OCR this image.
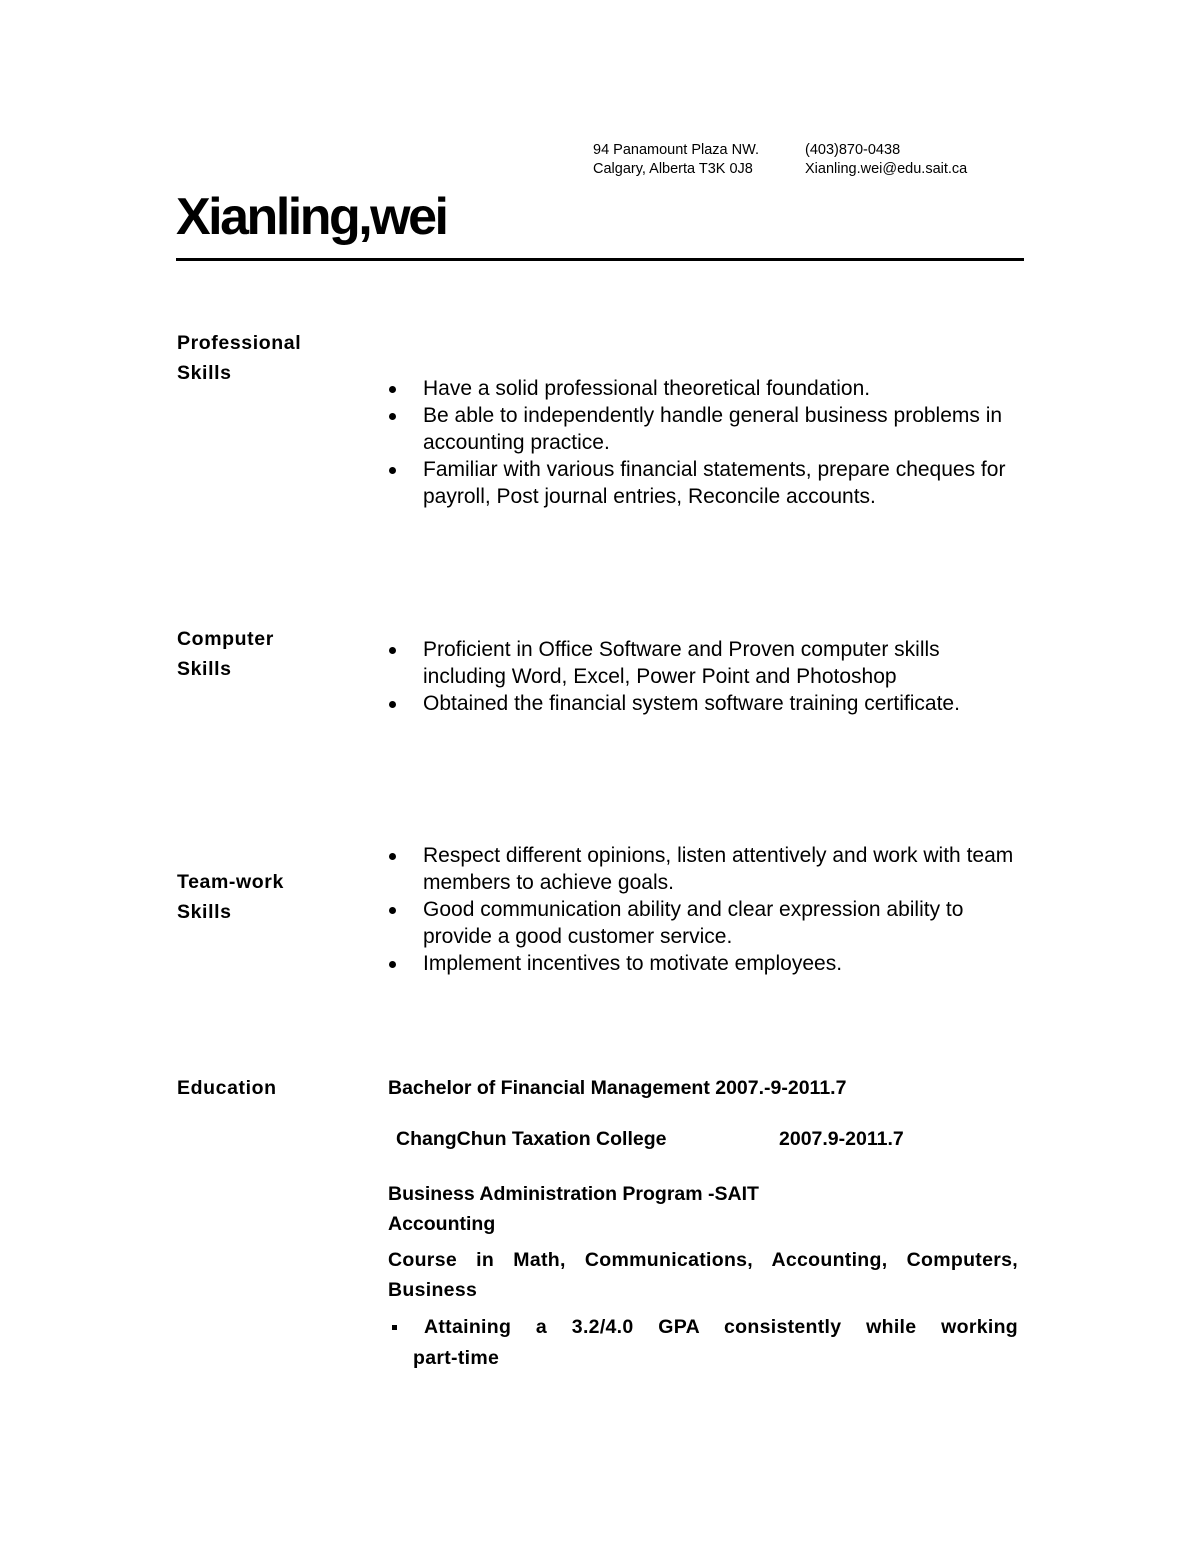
94 Panamount Plaza NW.
Calgary, Alberta T3K 0J8
(403)870-0438
Xianling.wei@edu.sait.ca
Xianling,wei
Professional
Skills
Have a solid professional theoretical foundation.
Be able to independently handle general business problems in accounting practice.
Familiar with various financial statements, prepare cheques for payroll, Post journal entries, Reconcile accounts.
Computer
Skills
Proficient in Office Software and Proven computer skills including Word, Excel, Power Point and Photoshop
Obtained the financial system software training certificate.
Team-work
Skills
Respect different opinions, listen attentively and work with team members to achieve goals.
Good communication ability and clear expression ability to provide a good customer service.
Implement incentives to motivate employees.
Education	Bachelor of Financial Management 2007.-9-2011.7
ChangChun Taxation College	2007.9-2011.7
Business Administration Program -SAIT
Accounting
Course in Math, Communications, Accounting, Computers, Business
Attaining a 3.2/4.0 GPA consistently while working
part-time
